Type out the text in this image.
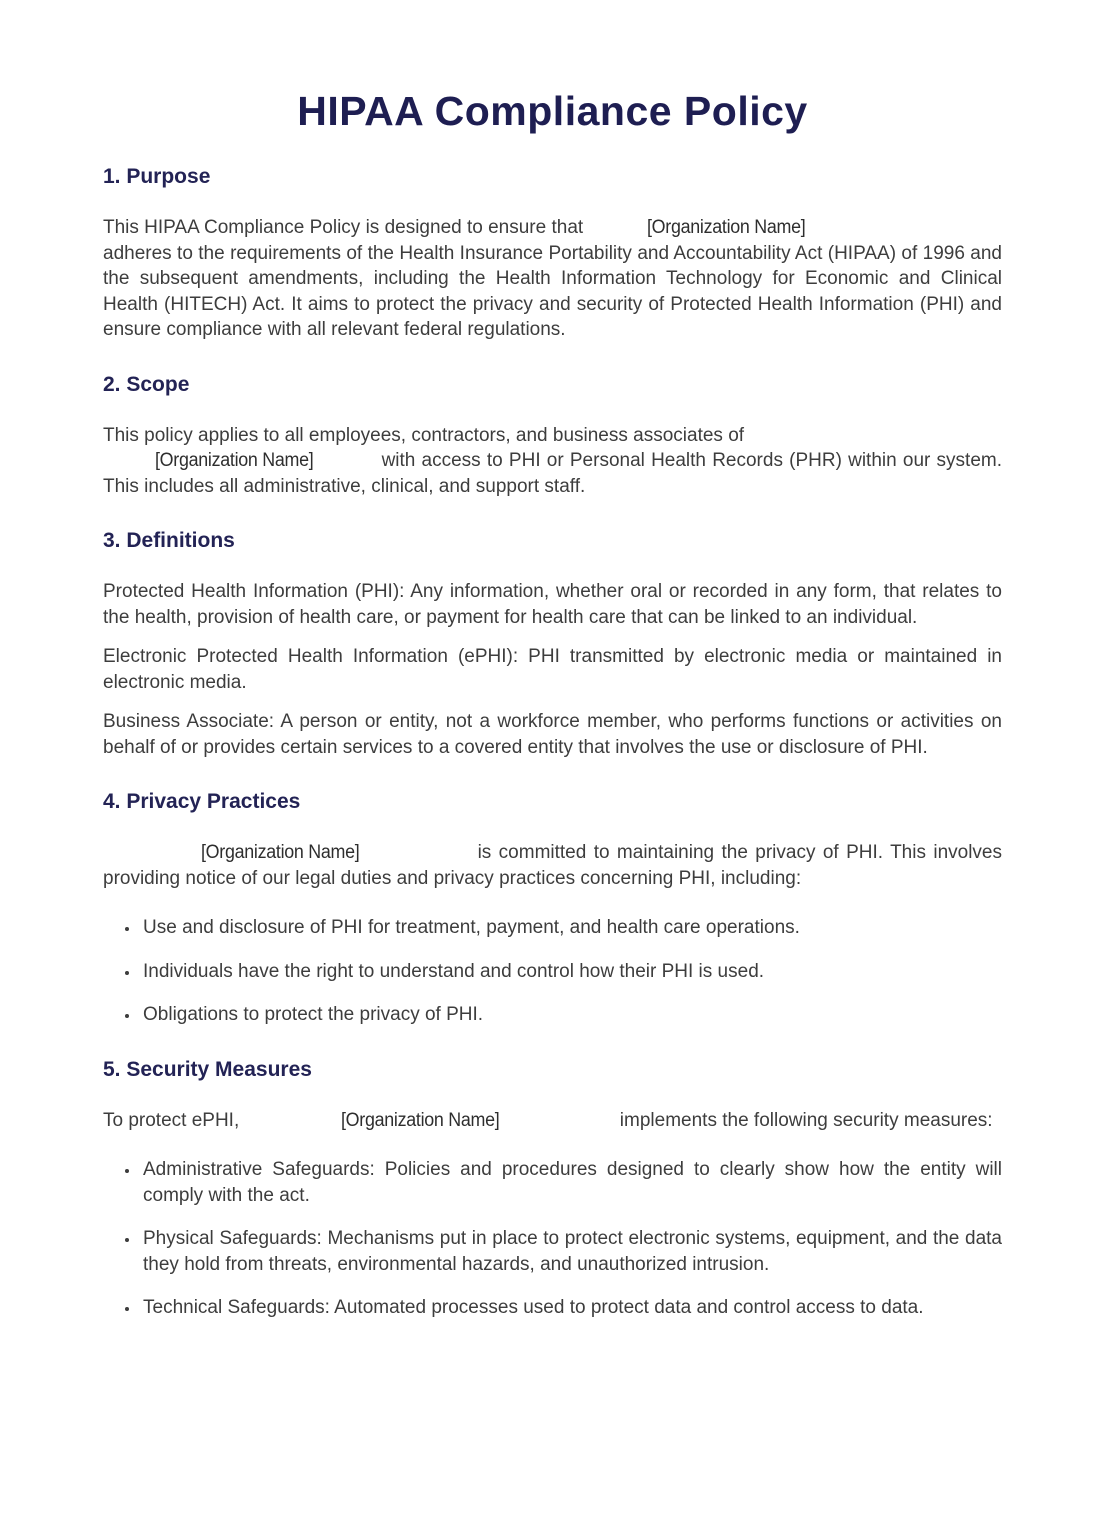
HIPAA Compliance Policy
1. Purpose

This HIPAA Compliance Policy is designed to ensure that	[Organization Name]

adheres to the requirements of the Health Insurance Portability and Accountability Act (HIPAA) of 1996 and the subsequent amendments, including the Health Information Technology for Economic and Clinical Health (HITECH) Act. It aims to protect the privacy and security of Protected Health Information (PHI) and ensure compliance with all relevant federal regulations.

2. Scope

This policy applies to all employees, contractors, and business associates of

[Organization Name]	with access to PHI or Personal Health Records (PHR) within our system. This includes all administrative, clinical, and support staff.

3. Definitions

Protected Health Information (PHI): Any information, whether oral or recorded in any form, that relates to the health, provision of health care, or payment for health care that can be linked to an individual.

Electronic Protected Health Information (ePHI): PHI transmitted by electronic media or maintained in electronic media.

Business Associate: A person or entity, not a workforce member, who performs functions or activities on behalf of or provides certain services to a covered entity that involves the use or disclosure of PHI.

4. Privacy Practices

[Organization Name]	is committed to maintaining the privacy of PHI. This involves providing notice of our legal duties and privacy practices concerning PHI, including:

• Use and disclosure of PHI for treatment, payment, and health care operations.
• Individuals have the right to understand and control how their PHI is used.
• Obligations to protect the privacy of PHI.
5. Security Measures

To protect ePHI,	[Organization Name]	implements the following security measures:

• Administrative Safeguards: Policies and procedures designed to clearly show how the entity will comply with the act.
• Physical Safeguards: Mechanisms put in place to protect electronic systems, equipment, and the data they hold from threats, environmental hazards, and unauthorized intrusion.
• Technical Safeguards: Automated processes used to protect data and control access to data.
